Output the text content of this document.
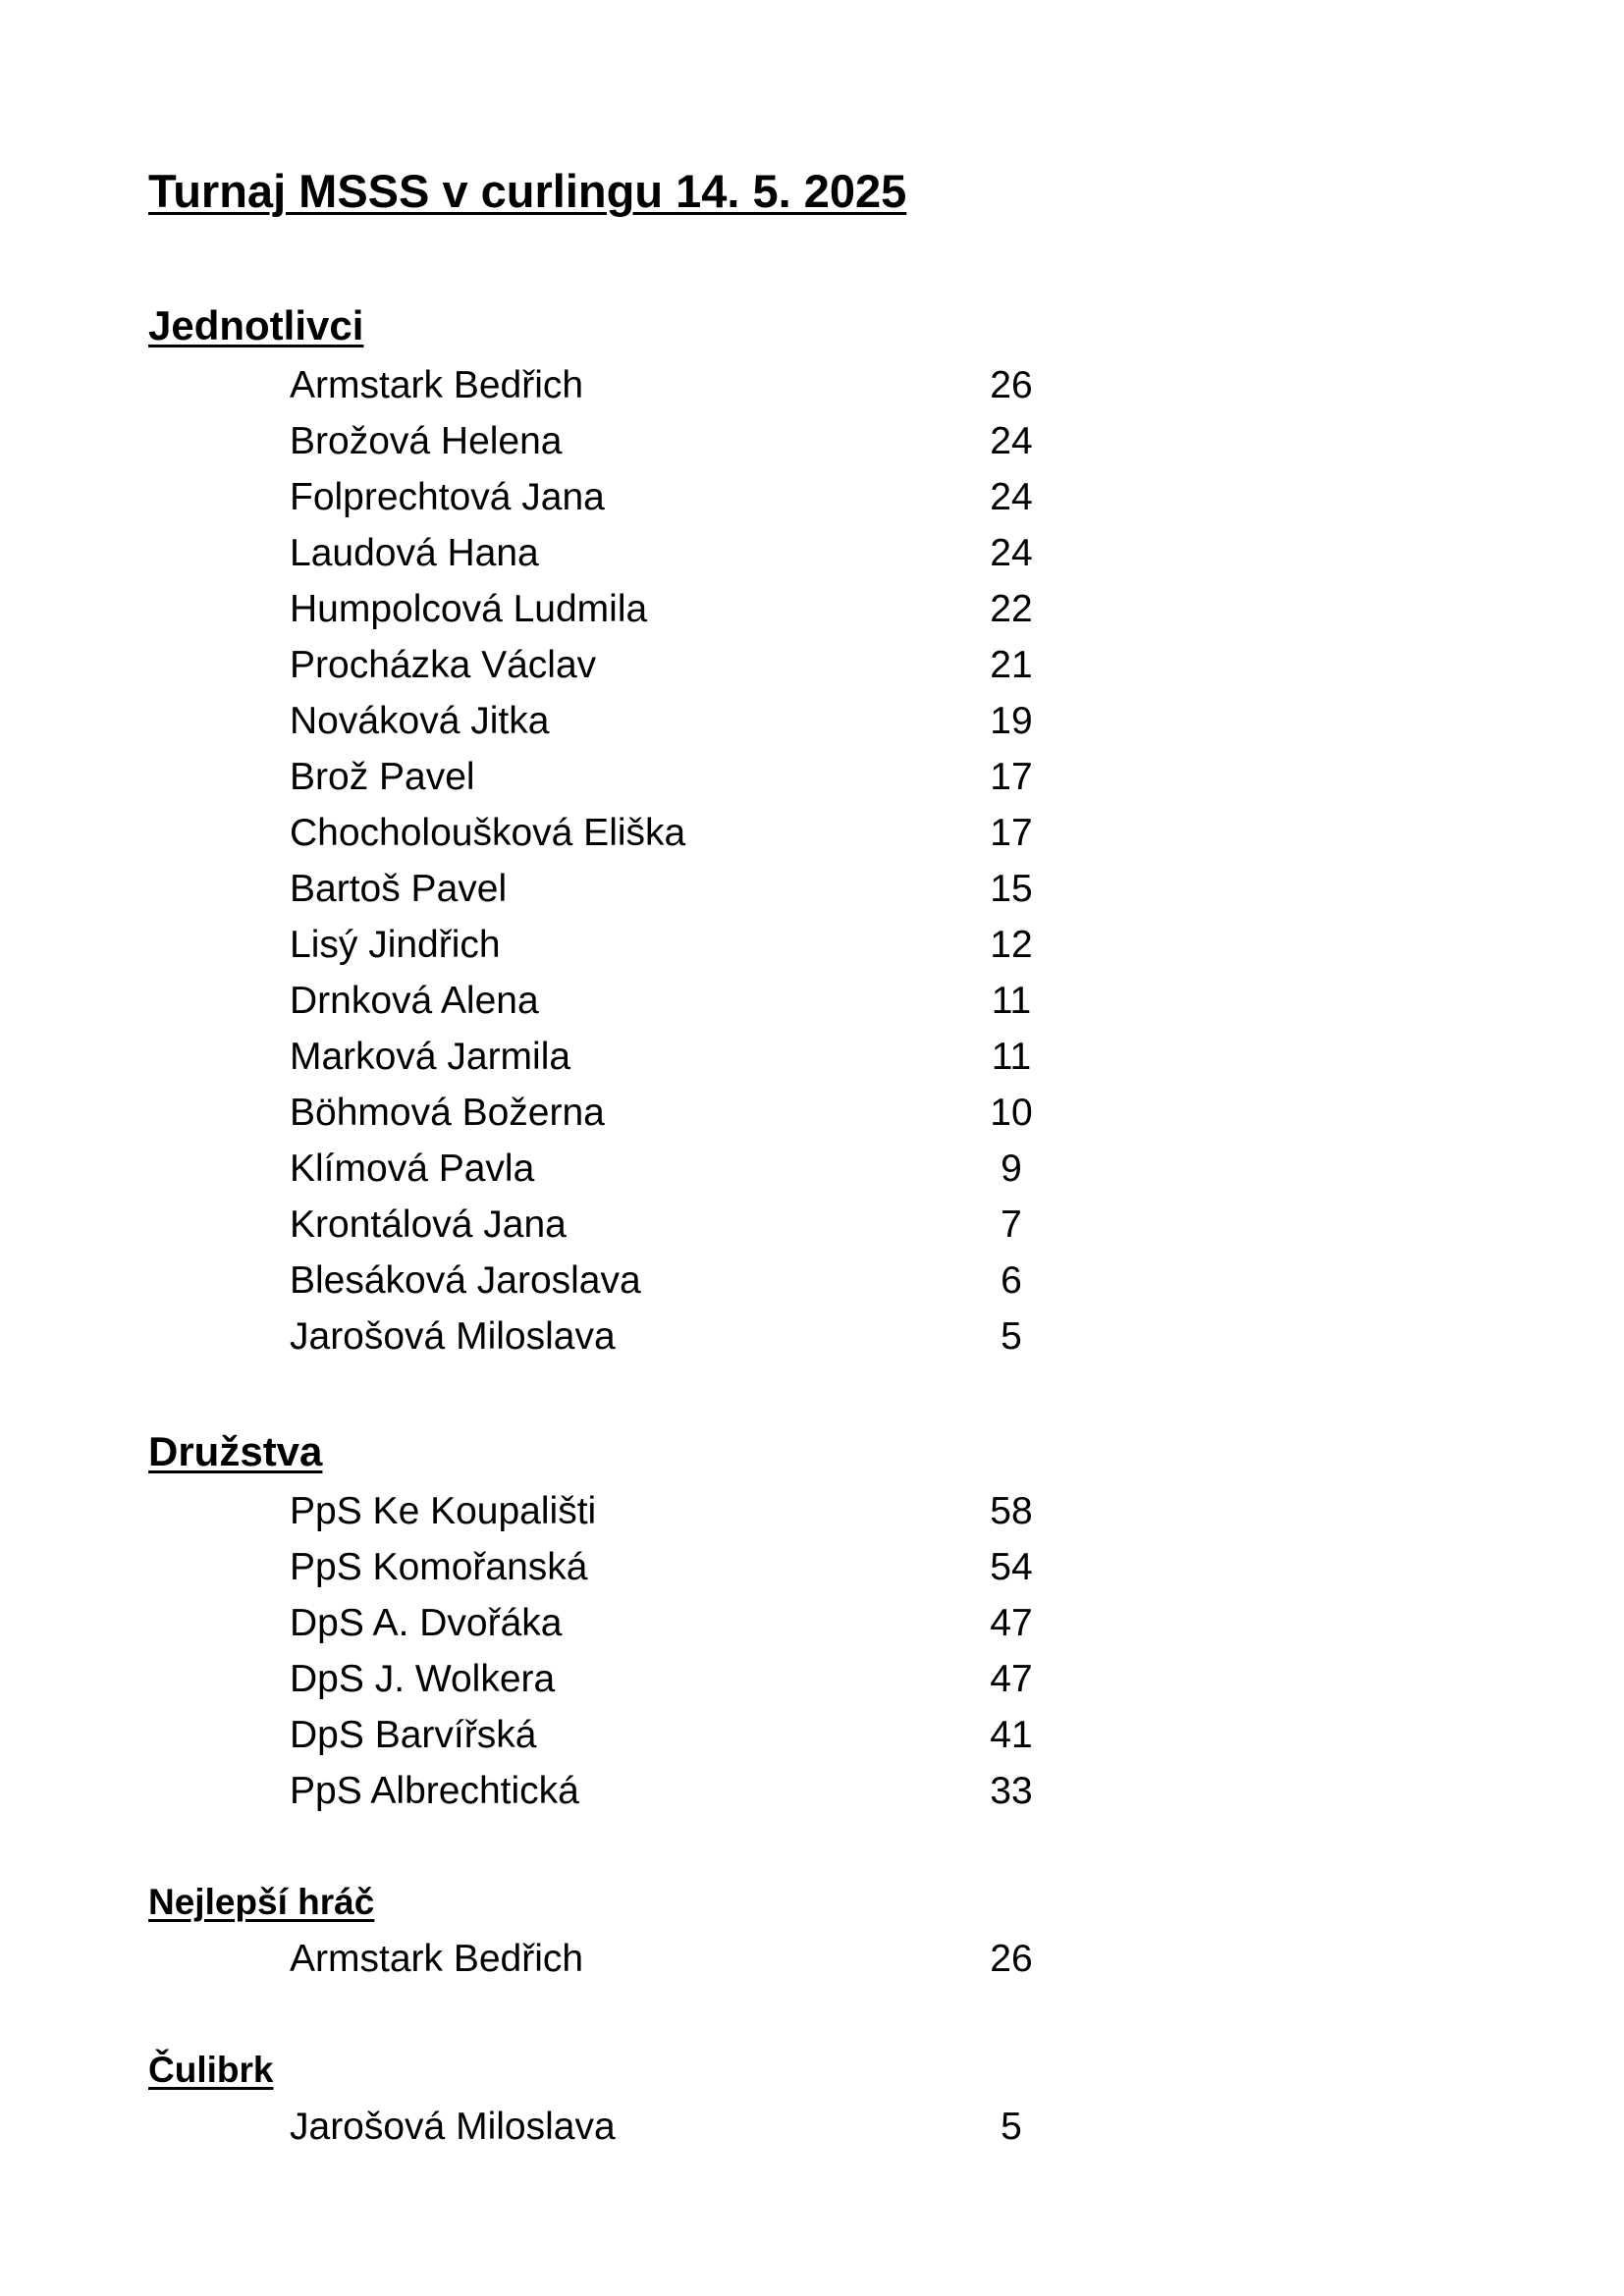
Turnaj MSSS v curlingu 14. 5. 2025
Jednotlivci
Armstark Bedřich	26
Brožová Helena	24
Folprechtová Jana	24
Laudová Hana	24
Humpolcová Ludmila	22
Procházka Václav	21
Nováková Jitka	19
Brož Pavel	17
Chocholoušková Eliška	17
Bartoš Pavel	15
Lisý Jindřich	12
Drnková Alena	11
Marková Jarmila	11
Böhmová Božerna	10
Klímová Pavla	9
Krontálová Jana	7
Blesáková Jaroslava	6
Jarošová Miloslava	5
Družstva
PpS Ke Koupališti	58
PpS Komořanská	54
DpS A. Dvořáka	47
DpS J. Wolkera	47
DpS Barvířská	41
PpS Albrechtická	33
Nejlepší hráč
Armstark Bedřich	26
Čulibrk
Jarošová Miloslava	5
